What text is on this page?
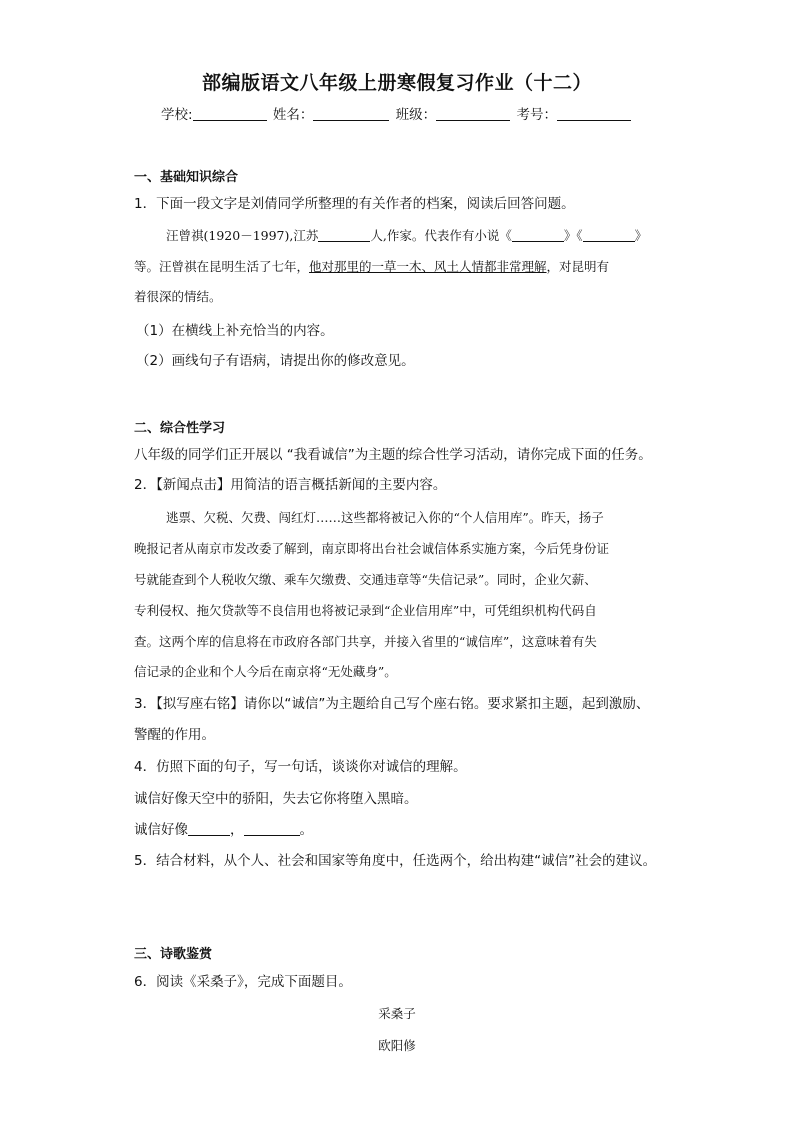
部编版语文八年级上册寒假复习作业（十二）
学校:	姓名：	班级：	考号：
一、基础知识综合
1．下面一段文字是刘倩同学所整理的有关作者的档案，阅读后回答问题。
汪曾祺(1920－1997),江苏	人,作家。代表作有小说《	》《	》
等。汪曾祺在昆明生活了七年，他对那里的一草一木、风土人情都非常理解，对昆明有
着很深的情结。
（1）在横线上补充恰当的内容。
（2）画线句子有语病，请提出你的修改意见。
二、综合性学习
八年级的同学们正开展以 “我看诚信”为主题的综合性学习活动，请你完成下面的任务。
2．【新闻点击】用简洁的语言概括新闻的主要内容。
逃票、欠税、欠费、闯红灯……这些都将被记入你的“个人信用库”。昨天，扬子
晚报记者从南京市发改委了解到，南京即将出台社会诚信体系实施方案，今后凭身份证
号就能查到个人税收欠缴、乘车欠缴费、交通违章等“失信记录”。同时，企业欠薪、
专利侵权、拖欠贷款等不良信用也将被记录到“企业信用库”中，可凭组织机构代码自
查。这两个库的信息将在市政府各部门共享，并接入省里的“诚信库”，这意味着有失
信记录的企业和个人今后在南京将“无处藏身”。
3．【拟写座右铭】请你以“诚信”为主题给自己写个座右铭。要求紧扣主题，起到激励、
警醒的作用。
4．仿照下面的句子，写一句话，谈谈你对诚信的理解。
诚信好像天空中的骄阳，失去它你将堕入黑暗。
诚信好像	，	。
5．结合材料，从个人、社会和国家等角度中，任选两个，给出构建“诚信”社会的建议。
三、诗歌鉴赏
6．阅读《采桑子》，完成下面题目。
采桑子
欧阳修
